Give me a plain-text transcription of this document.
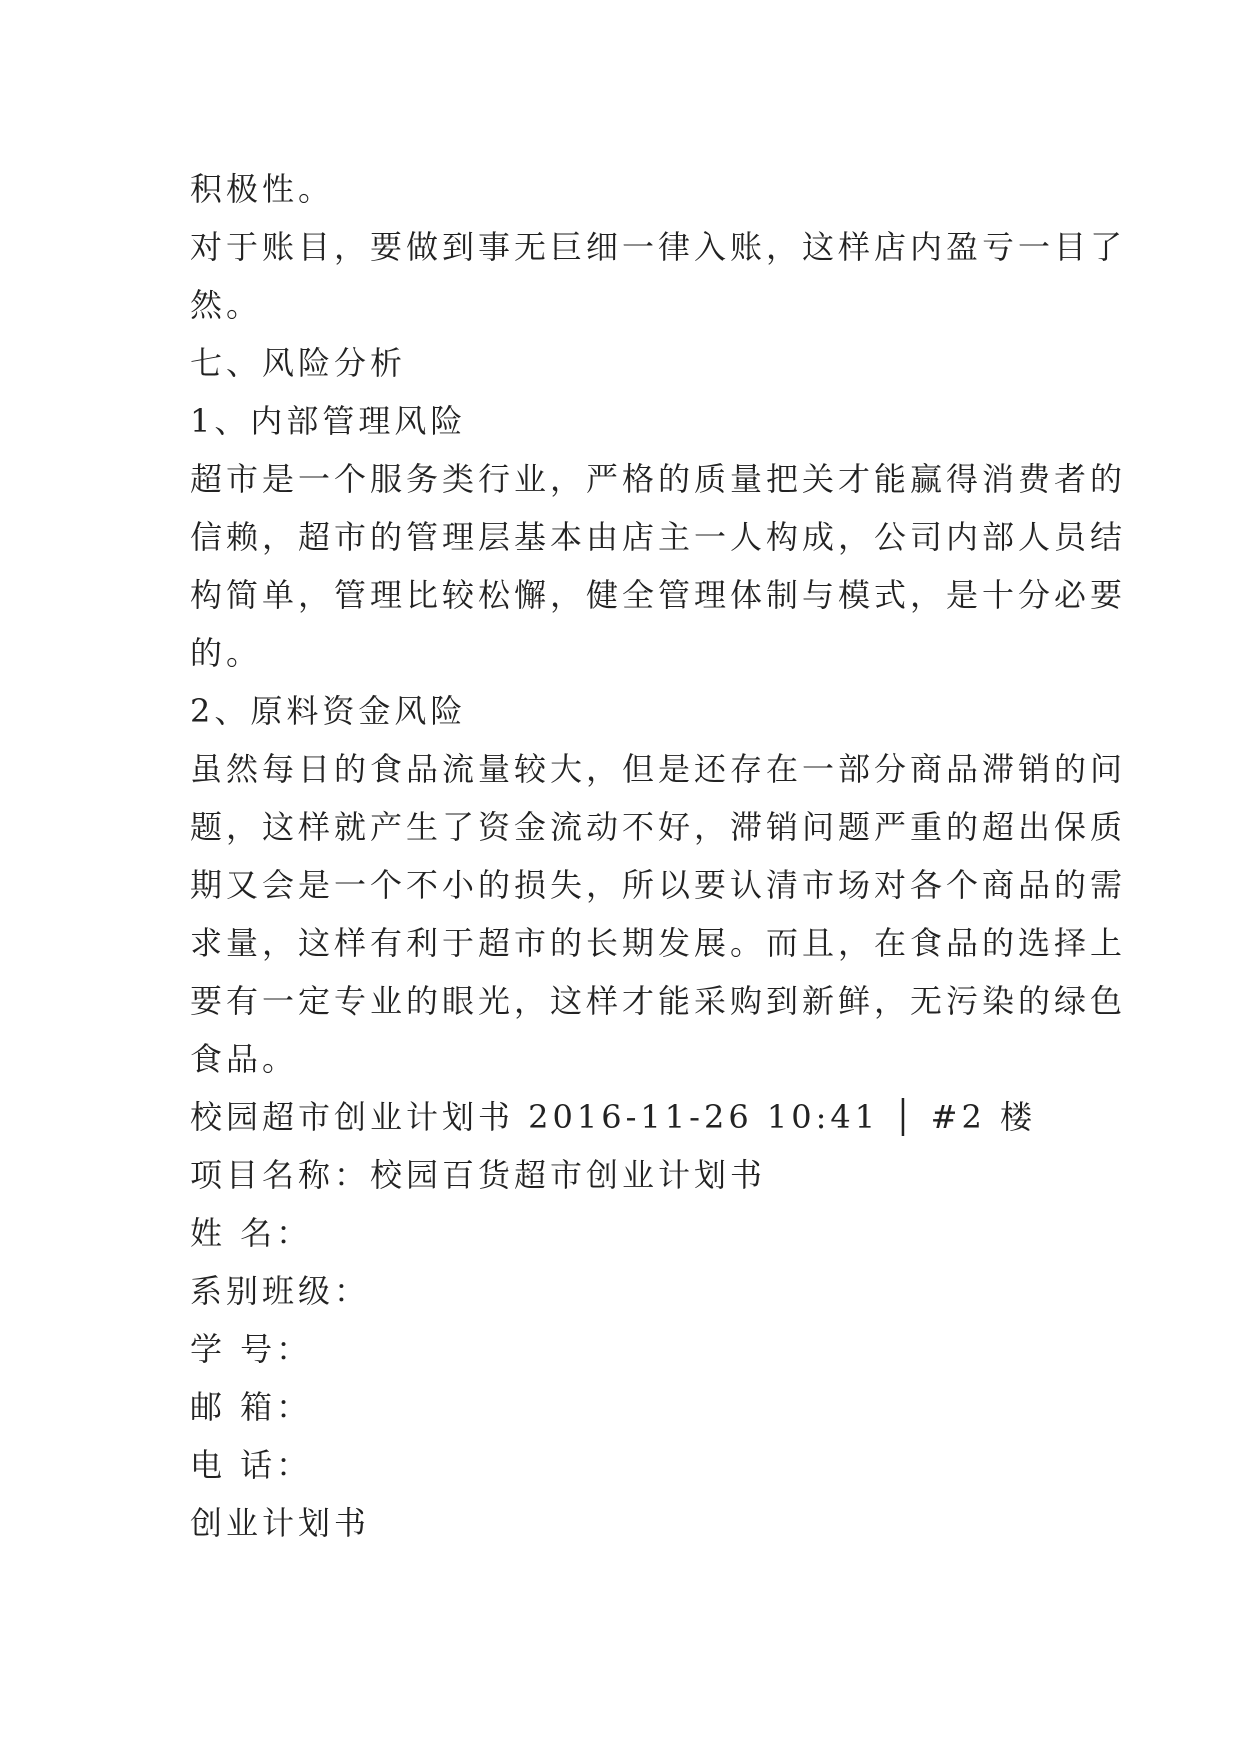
积极性。
对于账目，要做到事无巨细一律入账，这样店内盈亏一目了
然。
七、风险分析
1、内部管理风险
超市是一个服务类行业，严格的质量把关才能赢得消费者的
信赖，超市的管理层基本由店主一人构成，公司内部人员结
构简单，管理比较松懈，健全管理体制与模式，是十分必要
的。
2、原料资金风险
虽然每日的食品流量较大，但是还存在一部分商品滞销的问
题，这样就产生了资金流动不好，滞销问题严重的超出保质
期又会是一个不小的损失，所以要认清市场对各个商品的需
求量，这样有利于超市的长期发展。而且，在食品的选择上
要有一定专业的眼光，这样才能采购到新鲜，无污染的绿色
食品。
校园超市创业计划书 2016-11-26 10:41 │ #2 楼
项目名称：校园百货超市创业计划书
姓 名：
系别班级：
学 号：
邮 箱：
电 话：
创业计划书
